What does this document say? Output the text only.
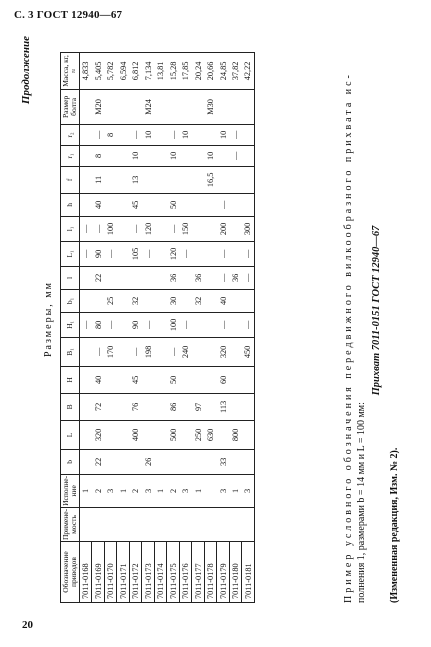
С. 3 ГОСТ 12940—67
Продолжение
Размеры, мм
Обозначение приводов	Примене-мость	Исполне-ние	b	L	B	H	B₁	H₁	b₁	l	L₁	l₁	h	f	r₁	r₂	Размер болта	Масса, кг, ≈
7011-0168		1						—			—	—						4,833
7011-0169		2	22	320	72	40	—	80		22	90	—	40	11	8	—	M20	5,405
7011-0170		3					170	—	25		—	100				8		5,782
7011-0171		1																6,594
7011-0172		2		400	76	45	—	90	32		105	—	45	13	10	—		6,812
7011-0173		3	26				198	—			—	120				10	M24	7,134
7011-0174		1																13,81
7011-0175		2		500	86	50	—	100	30	36	120	—	50		10	—		15,28
7011-0176		3					240	—			—	150				10		17,85
7011-0177		1		250	97				32	36								20,24
7011-0178				630										16,5	10		M30	20,66
7011-0179		3	33		113	60	320	—	40	—	—	200	—			10		24,85
7011-0180		1		800						36					—	—		37,82
7011-0181		3					450	—		—	—	300						42,22
Пример условного обозначения передвижного вилкообразного прихвата ис- полнения 1, размерами b = 14 мм и L = 100 мм:
Прихват 7011-0151 ГОСТ 12940—67
(Измененная редакция, Изм. № 2).
20
